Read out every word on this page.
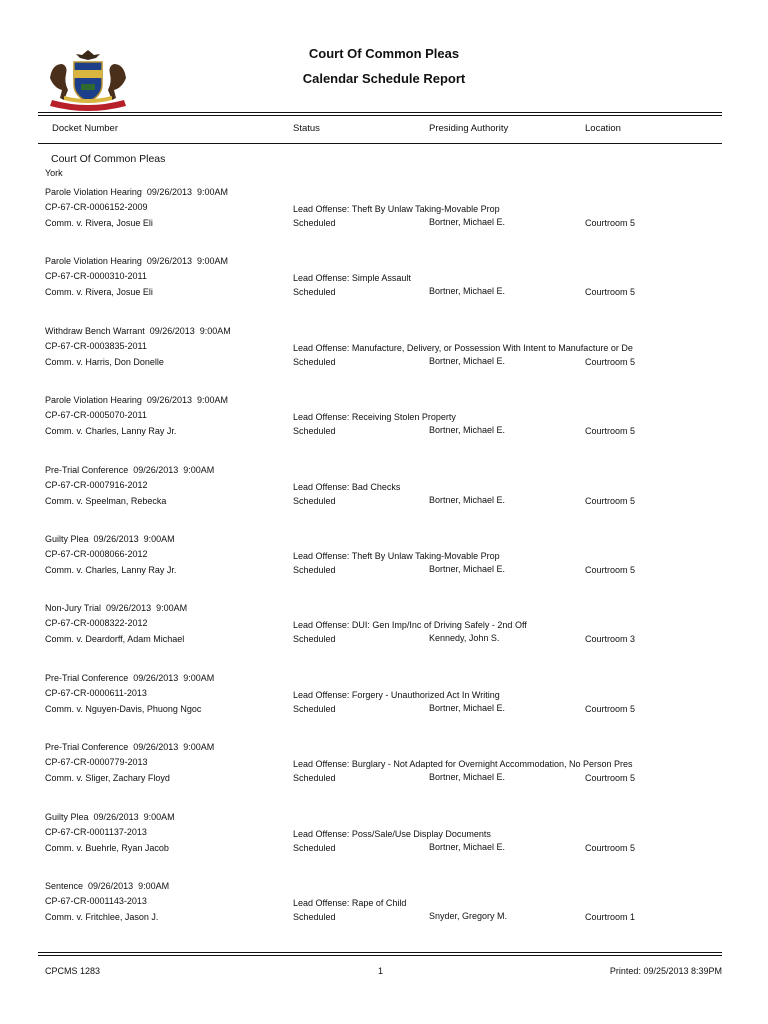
Court Of Common Pleas
Calendar Schedule Report
Docket Number	Status	Presiding Authority	Location
Court Of Common Pleas
York
Parole Violation Hearing 09/26/2013 9:00AM
CP-67-CR-0006152-2009
Comm. v. Rivera, Josue Eli
Lead Offense: Theft By Unlaw Taking-Movable Prop
Scheduled	Bortner, Michael E.	Courtroom 5
Parole Violation Hearing 09/26/2013 9:00AM
CP-67-CR-0000310-2011
Comm. v. Rivera, Josue Eli
Lead Offense: Simple Assault
Scheduled	Bortner, Michael E.	Courtroom 5
Withdraw Bench Warrant 09/26/2013 9:00AM
CP-67-CR-0003835-2011
Comm. v. Harris, Don Donelle
Lead Offense: Manufacture, Delivery, or Possession With Intent to Manufacture or De
Scheduled	Bortner, Michael E.	Courtroom 5
Parole Violation Hearing 09/26/2013 9:00AM
CP-67-CR-0005070-2011
Comm. v. Charles, Lanny Ray Jr.
Lead Offense: Receiving Stolen Property
Scheduled	Bortner, Michael E.	Courtroom 5
Pre-Trial Conference 09/26/2013 9:00AM
CP-67-CR-0007916-2012
Comm. v. Speelman, Rebecka
Lead Offense: Bad Checks
Scheduled	Bortner, Michael E.	Courtroom 5
Guilty Plea 09/26/2013 9:00AM
CP-67-CR-0008066-2012
Comm. v. Charles, Lanny Ray Jr.
Lead Offense: Theft By Unlaw Taking-Movable Prop
Scheduled	Bortner, Michael E.	Courtroom 5
Non-Jury Trial 09/26/2013 9:00AM
CP-67-CR-0008322-2012
Comm. v. Deardorff, Adam Michael
Lead Offense: DUI: Gen Imp/Inc of Driving Safely - 2nd Off
Scheduled	Kennedy, John S.	Courtroom 3
Pre-Trial Conference 09/26/2013 9:00AM
CP-67-CR-0000611-2013
Comm. v. Nguyen-Davis, Phuong Ngoc
Lead Offense: Forgery - Unauthorized Act In Writing
Scheduled	Bortner, Michael E.	Courtroom 5
Pre-Trial Conference 09/26/2013 9:00AM
CP-67-CR-0000779-2013
Comm. v. Sliger, Zachary Floyd
Lead Offense: Burglary - Not Adapted for Overnight Accommodation, No Person Pres
Scheduled	Bortner, Michael E.	Courtroom 5
Guilty Plea 09/26/2013 9:00AM
CP-67-CR-0001137-2013
Comm. v. Buehrle, Ryan Jacob
Lead Offense: Poss/Sale/Use Display Documents
Scheduled	Bortner, Michael E.	Courtroom 5
Sentence 09/26/2013 9:00AM
CP-67-CR-0001143-2013
Comm. v. Fritchlee, Jason J.
Lead Offense: Rape of Child
Scheduled	Snyder, Gregory M.	Courtroom 1
CPCMS 1283	1	Printed: 09/25/2013 8:39PM
